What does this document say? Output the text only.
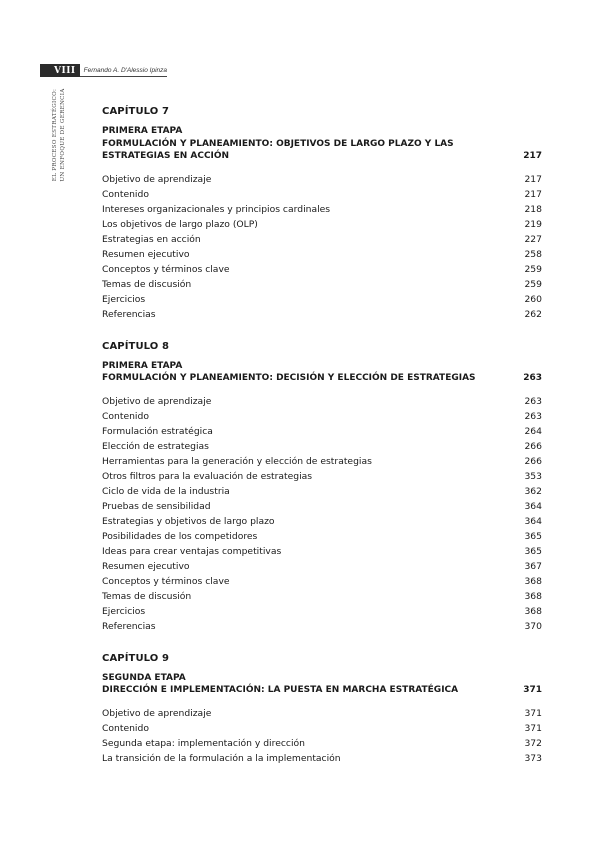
VIII	Fernando A. D'Alessio Ipinza
EL PROCESO ESTRATÉGICO: UN ENFOQUE DE GERENCIA	CAPÍTULO 7
PRIMERA ETAPA
FORMULACIÓN Y PLANEAMIENTO: OBJETIVOS DE LARGO PLAZO Y LAS ESTRATEGIAS EN ACCIÓN	217
Objetivo de aprendizaje	217
Contenido	217
Intereses organizacionales y principios cardinales	218
Los objetivos de largo plazo (OLP)	219
Estrategias en acción	227
Resumen ejecutivo	258
Conceptos y términos clave	259
Temas de discusión	259
Ejercicios	260
Referencias	262
CAPÍTULO 8
PRIMERA ETAPA
FORMULACIÓN Y PLANEAMIENTO: DECISIÓN Y ELECCIÓN DE ESTRATEGIAS	263
Objetivo de aprendizaje	263
Contenido	263
Formulación estratégica	264
Elección de estrategias	266
Herramientas para la generación y elección de estrategias	266
Otros filtros para la evaluación de estrategias	353
Ciclo de vida de la industria	362
Pruebas de sensibilidad	364
Estrategias y objetivos de largo plazo	364
Posibilidades de los competidores	365
Ideas para crear ventajas competitivas	365
Resumen ejecutivo	367
Conceptos y términos clave	368
Temas de discusión	368
Ejercicios	368
Referencias	370
CAPÍTULO 9
SEGUNDA ETAPA
DIRECCIÓN E IMPLEMENTACIÓN: LA PUESTA EN MARCHA ESTRATÉGICA	371
Objetivo de aprendizaje	371
Contenido	371
Segunda etapa: implementación y dirección	372
La transición de la formulación a la implementación	373
